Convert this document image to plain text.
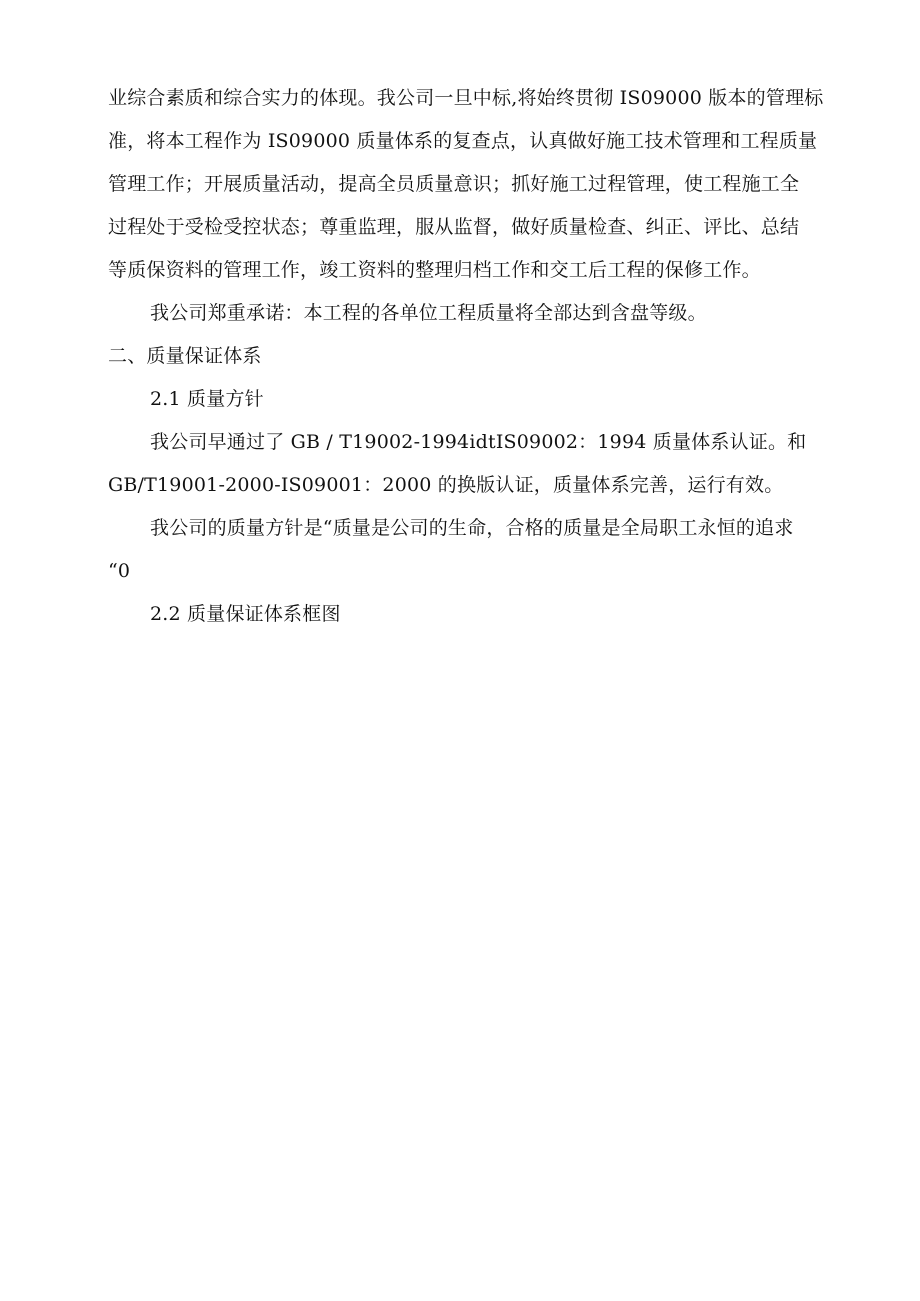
业综合素质和综合实力的体现。我公司一旦中标,将始终贯彻 IS09000 版本的管理标
准，将本工程作为 IS09000 质量体系的复查点，认真做好施工技术管理和工程质量
管理工作；开展质量活动，提高全员质量意识；抓好施工过程管理，使工程施工全
过程处于受检受控状态；尊重监理，服从监督，做好质量检查、纠正、评比、总结
等质保资料的管理工作，竣工资料的整理归档工作和交工后工程的保修工作。
我公司郑重承诺：本工程的各单位工程质量将全部达到含盘等级。
二、质量保证体系
2.1 质量方针
我公司早通过了 GB / T19002-1994idtIS09002：1994 质量体系认证。和
GB/T19001-2000-IS09001：2000 的换版认证，质量体系完善，运行有效。
我公司的质量方针是“质量是公司的生命，合格的质量是全局职工永恒的追求
“0
2.2 质量保证体系框图
